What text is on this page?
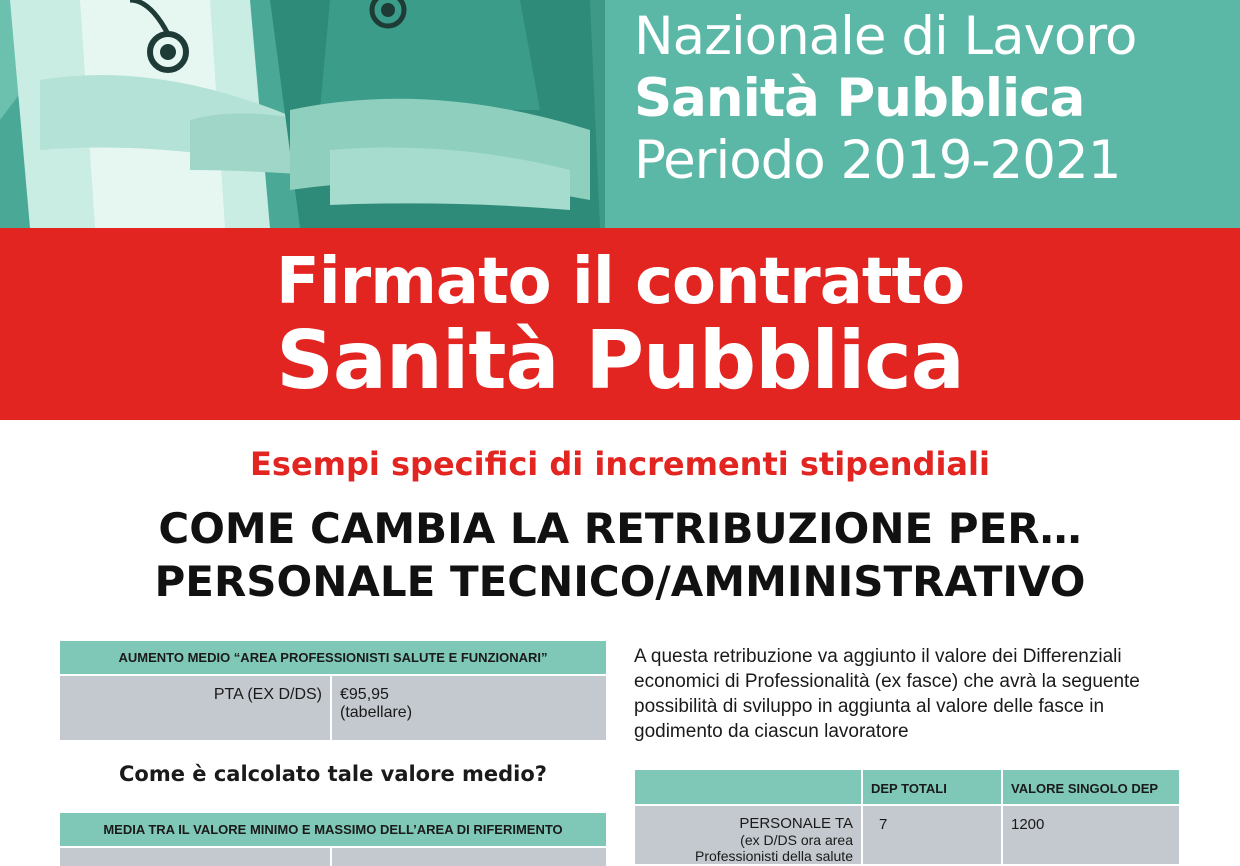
Nazionale di Lavoro
Sanità Pubblica
Periodo 2019-2021
Firmato il contratto
Sanità Pubblica
Esempi specifici di incrementi stipendiali
COME CAMBIA LA RETRIBUZIONE PER…
PERSONALE TECNICO/AMMINISTRATIVO
AUMENTO MEDIO “AREA PROFESSIONISTI SALUTE E FUNZIONARI”
PTA (EX D/DS)	€95,95
(tabellare)
Come è calcolato tale valore medio?
MEDIA TRA IL VALORE MINIMO E MASSIMO DELL’AREA DI RIFERIMENTO
A questa retribuzione va aggiunto il valore dei Differenziali economici di Professionalità (ex fasce) che avrà la seguente possibilità di sviluppo in aggiunta al valore delle fasce in godimento da ciascun lavoratore
DEP TOTALI	VALORE SINGOLO DEP
PERSONALE TA
(ex D/DS ora area
Professionisti della salute
7	1200
